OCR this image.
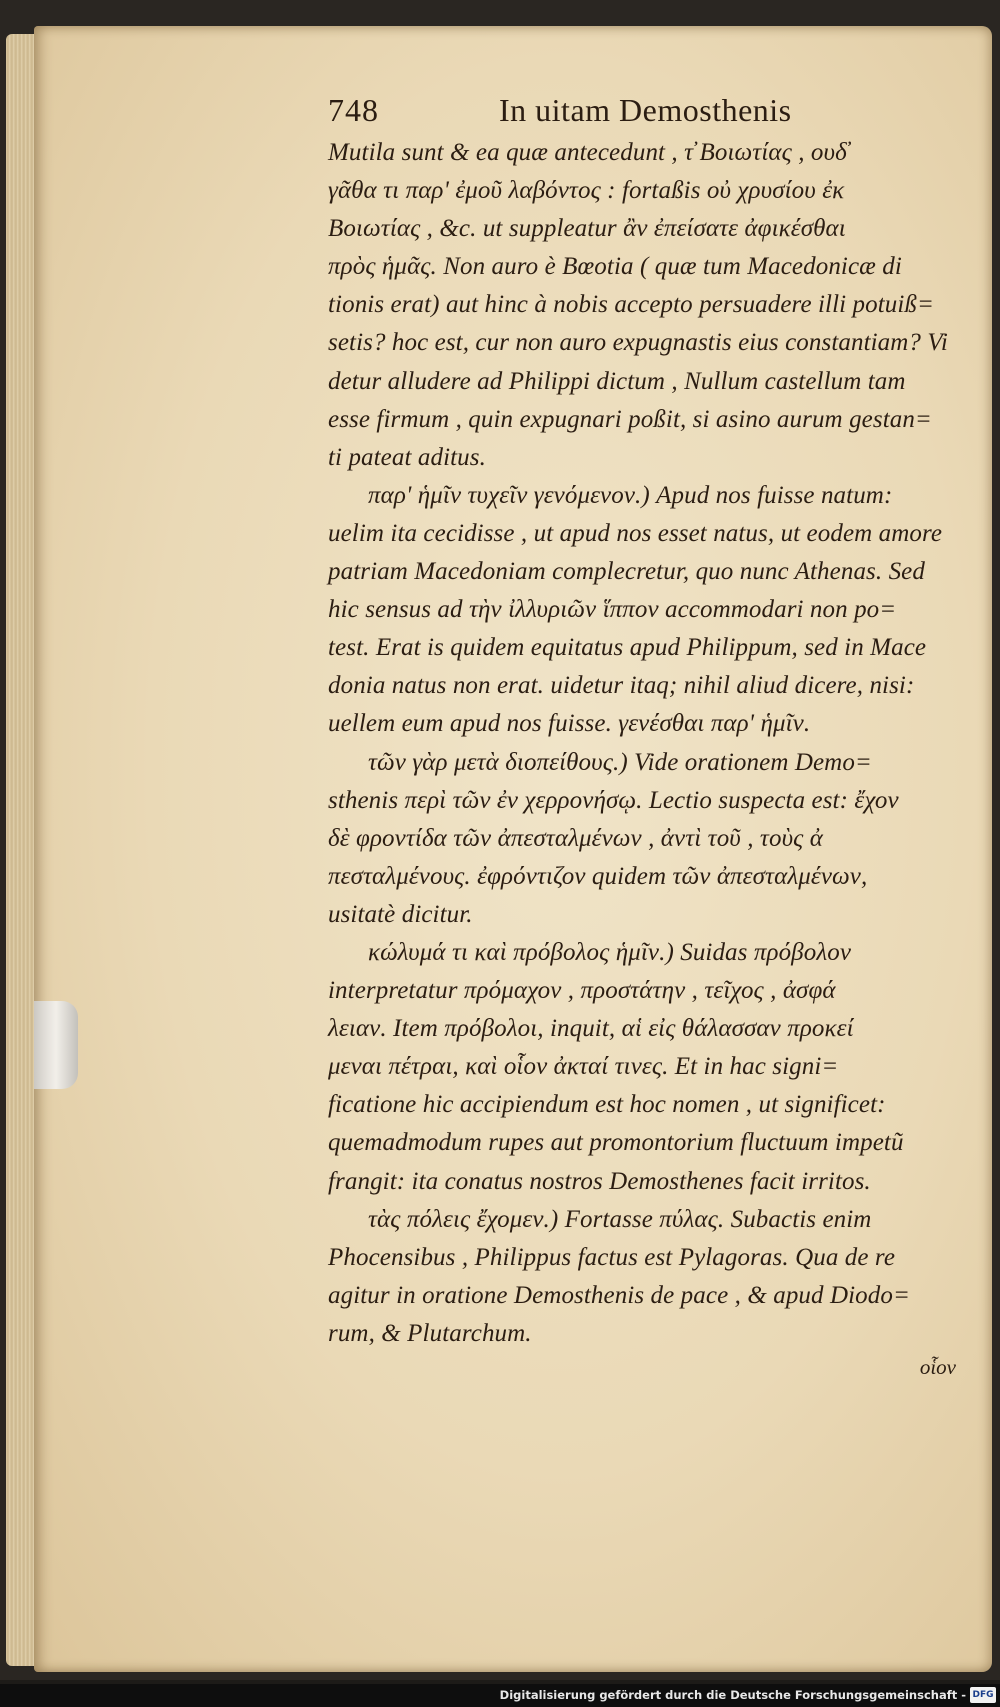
748	In uitam Demosthenis
Mutila sunt & ea quæ antecedunt , τ̓ Βοιωτίας , ουδ̓
γᾶθα τι παρ' ἐμοῦ λαβόντος : fortaßis οὐ χρυσίου ἐκ
Βοιωτίας , &c. ut suppleatur ἂν ἐπείσατε ἀφικέσθαι
πρὸς ἡμᾶς. Non auro è Bœotia ( quæ tum Macedonicæ di
tionis erat) aut hinc à nobis accepto persuadere illi potuiß=
setis? hoc est, cur non auro expugnastis eius constantiam? Vi
detur alludere ad Philippi dictum , Nullum castellum tam
esse firmum , quin expugnari poßit, si asino aurum gestan=
ti pateat aditus.
παρ' ἡμῖν τυχεῖν γενόμενον.) Apud nos fuisse natum:
uelim ita cecidisse , ut apud nos esset natus, ut eodem amore
patriam Macedoniam complecretur, quo nunc Athenas. Sed
hic sensus ad τὴν ἰλλυριῶν ἵππον accommodari non po=
test. Erat is quidem equitatus apud Philippum, sed in Mace
donia natus non erat. uidetur itaq; nihil aliud dicere, nisi:
uellem eum apud nos fuisse. γενέσθαι παρ' ἡμῖν.
τῶν γὰρ μετὰ διοπείθους.) Vide orationem Demo=
sthenis περὶ τῶν ἐν χερρονήσῳ. Lectio suspecta est: ἔχον
δὲ φροντίδα τῶν ἀπεσταλμένων , ἀντὶ τοῦ , τοὺς ἀ
πεσταλμένους. ἐφρόντιζον quidem τῶν ἀπεσταλμένων,
usitatè dicitur.
κώλυμά τι καὶ πρόβολος ἡμῖν.) Suidas πρόβολον
interpretatur πρόμαχον , προστάτην , τεῖχος , ἀσφά
λειαν. Item πρόβολοι, inquit, αἱ εἰς θάλασσαν προκεί
μεναι πέτραι, καὶ οἷον ἀκταί τινες. Et in hac signi=
ficatione hic accipiendum est hoc nomen , ut significet:
quemadmodum rupes aut promontorium fluctuum impetũ
frangit: ita conatus nostros Demosthenes facit irritos.
τὰς πόλεις ἔχομεν.) Fortasse πύλας. Subactis enim
Phocensibus , Philippus factus est Pylagoras. Qua de re
agitur in oratione Demosthenis de pace , & apud Diodo=
rum, & Plutarchum.
οἷον
Digitalisierung gefördert durch die Deutsche Forschungsgemeinschaft - DFG
